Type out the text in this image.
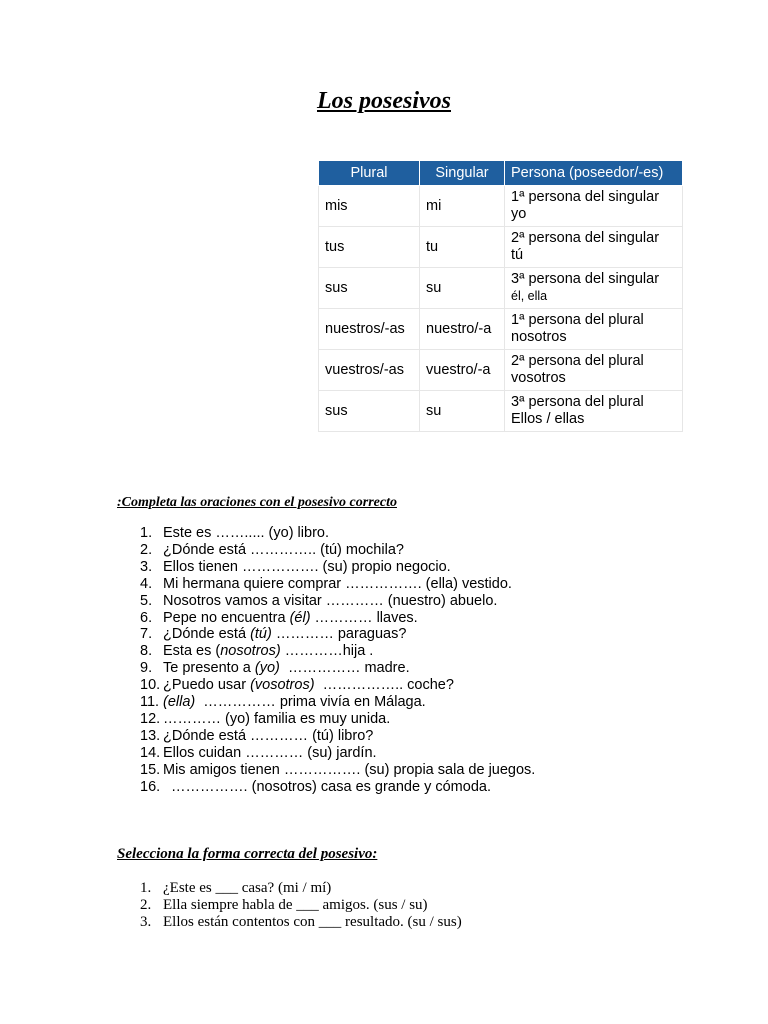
Los posesivos
Plural	Singular	Persona (poseedor/-es)
mis	mi	1ª persona del singular
yo

tus	tu	2ª persona del singular
tú

sus	su	3ª persona del singular
él, ella

nuestros/-as	nuestro/-a	1ª persona del plural
nosotros

vuestros/-as	vuestro/-a	2ª persona del plural
vosotros

sus	su	3ª persona del plural
Ellos / ellas
:Completa las oraciones con el posesivo correcto
1. Este es ……..... (yo) libro.
2. ¿Dónde está ………….. (tú) mochila?
3. Ellos tienen ……………. (su) propio negocio.
4. Mi hermana quiere comprar ……………. (ella) vestido.
5. Nosotros vamos a visitar ………… (nuestro) abuelo.
6. Pepe no encuentra (él) ………… llaves.
7. ¿Dónde está (tú) ………… paraguas?
8. Esta es (nosotros) …………hija .
9. Te presento a (yo)  …………… madre.
10. ¿Puedo usar (vosotros)  …………….. coche?
11. (ella)  …………… prima vivía en Málaga.
12. ………… (yo) familia es muy unida.
13. ¿Dónde está ………… (tú) libro?
14. Ellos cuidan ………… (su) jardín.
15. Mis amigos tienen ……………. (su) propia sala de juegos.
16. ……………. (nosotros) casa es grande y cómoda.
Selecciona la forma correcta del posesivo:
1. ¿Este es ___ casa? (mi / mí)
2. Ella siempre habla de ___ amigos. (sus / su)
3. Ellos están contentos con ___ resultado. (su / sus)
